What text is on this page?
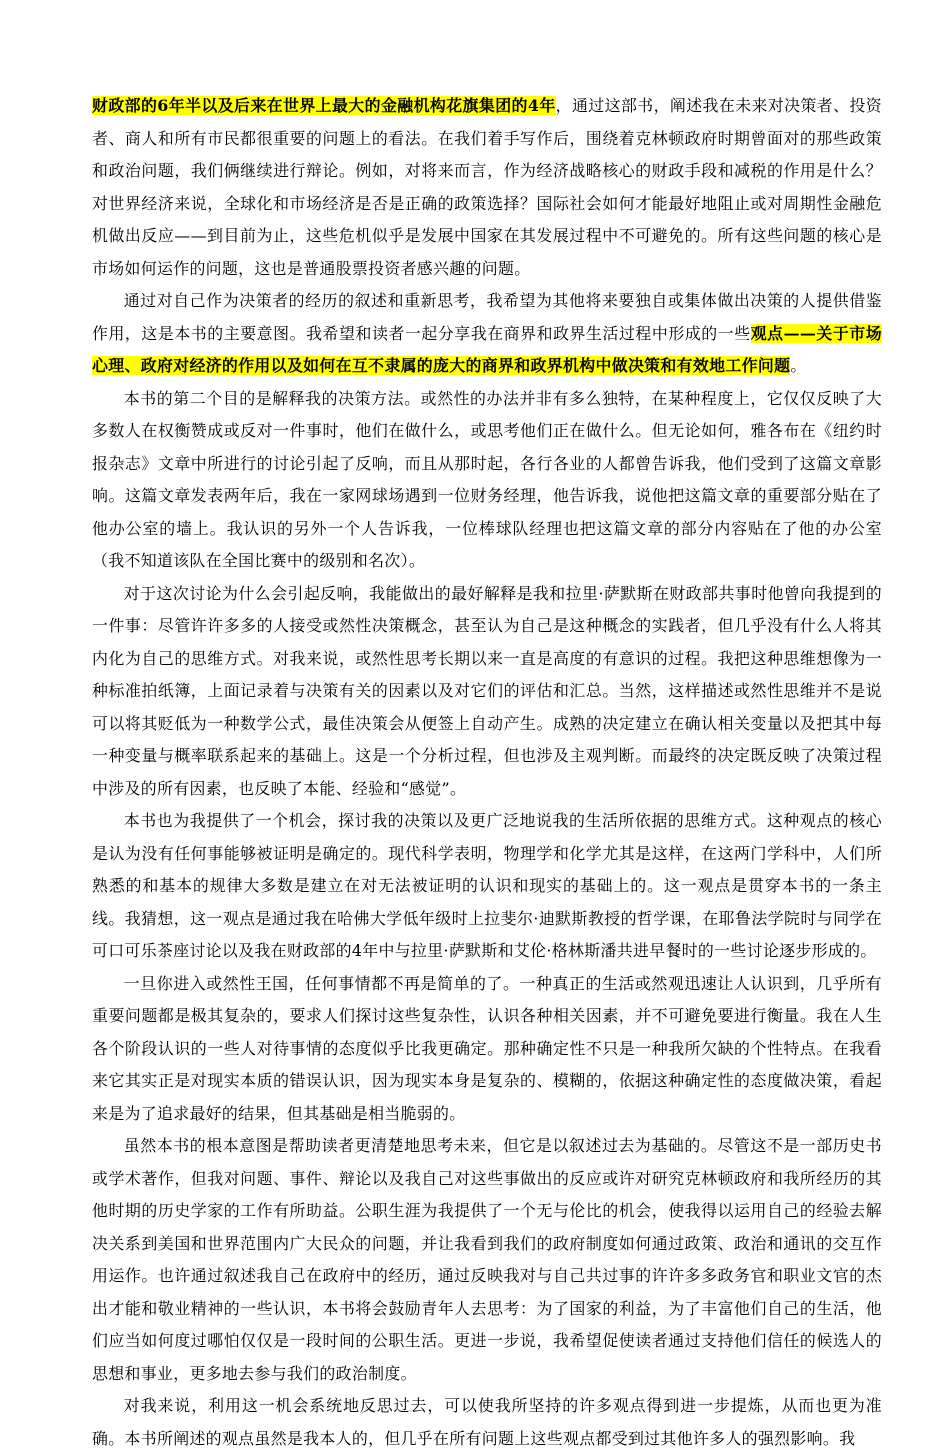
财政部的6年半以及后来在世界上最大的金融机构花旗集团的4年，通过这部书，阐述我在未来对决策者、投资者、商人和所有市民都很重要的问题上的看法。在我们着手写作后，围绕着克林顿政府时期曾面对的那些政策和政治问题，我们俩继续进行辩论。例如，对将来而言，作为经济战略核心的财政手段和减税的作用是什么？对世界经济来说，全球化和市场经济是否是正确的政策选择？国际社会如何才能最好地阻止或对周期性金融危机做出反应——到目前为止，这些危机似乎是发展中国家在其发展过程中不可避免的。所有这些问题的核心是市场如何运作的问题，这也是普通股票投资者感兴趣的问题。

通过对自己作为决策者的经历的叙述和重新思考，我希望为其他将来要独自或集体做出决策的人提供借鉴作用，这是本书的主要意图。我希望和读者一起分享我在商界和政界生活过程中形成的一些观点——关于市场心理、政府对经济的作用以及如何在互不隶属的庞大的商界和政界机构中做决策和有效地工作问题。

本书的第二个目的是解释我的决策方法。或然性的办法并非有多么独特，在某种程度上，它仅仅反映了大多数人在权衡赞成或反对一件事时，他们在做什么，或思考他们正在做什么。但无论如何，雅各布在《纽约时报杂志》文章中所进行的讨论引起了反响，而且从那时起，各行各业的人都曾告诉我，他们受到了这篇文章影响。这篇文章发表两年后，我在一家网球场遇到一位财务经理，他告诉我，说他把这篇文章的重要部分贴在了他办公室的墙上。我认识的另外一个人告诉我，一位棒球队经理也把这篇文章的部分内容贴在了他的办公室（我不知道该队在全国比赛中的级别和名次）。

对于这次讨论为什么会引起反响，我能做出的最好解释是我和拉里·萨默斯在财政部共事时他曾向我提到的一件事：尽管许许多多的人接受或然性决策概念，甚至认为自己是这种概念的实践者，但几乎没有什么人将其内化为自己的思维方式。对我来说，或然性思考长期以来一直是高度的有意识的过程。我把这种思维想像为一种标准拍纸簿，上面记录着与决策有关的因素以及对它们的评估和汇总。当然，这样描述或然性思维并不是说可以将其贬低为一种数学公式，最佳决策会从便签上自动产生。成熟的决定建立在确认相关变量以及把其中每一种变量与概率联系起来的基础上。这是一个分析过程，但也涉及主观判断。而最终的决定既反映了决策过程中涉及的所有因素，也反映了本能、经验和“感觉”。

本书也为我提供了一个机会，探讨我的决策以及更广泛地说我的生活所依据的思维方式。这种观点的核心是认为没有任何事能够被证明是确定的。现代科学表明，物理学和化学尤其是这样，在这两门学科中，人们所熟悉的和基本的规律大多数是建立在对无法被证明的认识和现实的基础上的。这一观点是贯穿本书的一条主线。我猜想，这一观点是通过我在哈佛大学低年级时上拉斐尔·迪默斯教授的哲学课，在耶鲁法学院时与同学在可口可乐茶座讨论以及我在财政部的4年中与拉里·萨默斯和艾伦·格林斯潘共进早餐时的一些讨论逐步形成的。

一旦你进入或然性王国，任何事情都不再是简单的了。一种真正的生活或然观迅速让人认识到，几乎所有重要问题都是极其复杂的，要求人们探讨这些复杂性，认识各种相关因素，并不可避免要进行衡量。我在人生各个阶段认识的一些人对待事情的态度似乎比我更确定。那种确定性不只是一种我所欠缺的个性特点。在我看来它其实正是对现实本质的错误认识，因为现实本身是复杂的、模糊的，依据这种确定性的态度做决策，看起来是为了追求最好的结果，但其基础是相当脆弱的。

虽然本书的根本意图是帮助读者更清楚地思考未来，但它是以叙述过去为基础的。尽管这不是一部历史书或学术著作，但我对问题、事件、辩论以及我自己对这些事做出的反应或许对研究克林顿政府和我所经历的其他时期的历史学家的工作有所助益。公职生涯为我提供了一个无与伦比的机会，使我得以运用自己的经验去解决关系到美国和世界范围内广大民众的问题，并让我看到我们的政府制度如何通过政策、政治和通讯的交互作用运作。也许通过叙述我自己在政府中的经历，通过反映我对与自己共过事的许许多多政务官和职业文官的杰出才能和敬业精神的一些认识，本书将会鼓励青年人去思考：为了国家的利益，为了丰富他们自己的生活，他们应当如何度过哪怕仅仅是一段时间的公职生活。更进一步说，我希望促使读者通过支持他们信任的候选人的思想和事业，更多地去参与我们的政治制度。

对我来说，利用这一机会系统地反思过去，可以使我所坚持的许多观点得到进一步提炼，从而也更为准确。本书所阐述的观点虽然是我本人的，但几乎在所有问题上这些观点都受到过其他许多人的强烈影响。我
